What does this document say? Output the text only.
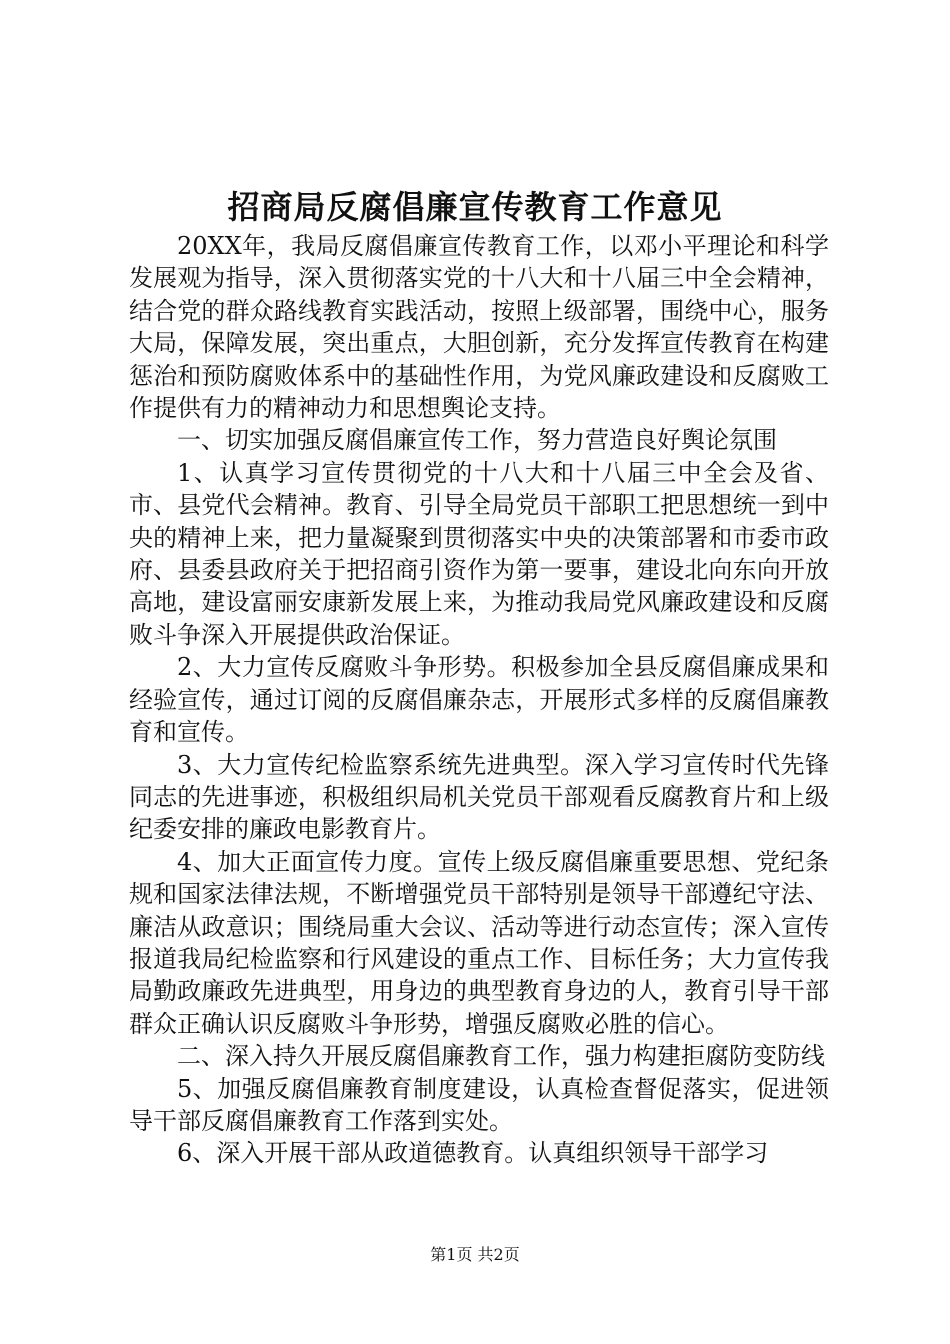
招商局反腐倡廉宣传教育工作意见

20XX年，我局反腐倡廉宣传教育工作，以邓小平理论和科学发展观为指导，深入贯彻落实党的十八大和十八届三中全会精神，结合党的群众路线教育实践活动，按照上级部署，围绕中心，服务大局，保障发展，突出重点，大胆创新，充分发挥宣传教育在构建惩治和预防腐败体系中的基础性作用，为党风廉政建设和反腐败工作提供有力的精神动力和思想舆论支持。

一、切实加强反腐倡廉宣传工作，努力营造良好舆论氛围

1、认真学习宣传贯彻党的十八大和十八届三中全会及省、市、县党代会精神。教育、引导全局党员干部职工把思想统一到中央的精神上来，把力量凝聚到贯彻落实中央的决策部署和市委市政府、县委县政府关于把招商引资作为第一要事，建设北向东向开放高地，建设富丽安康新发展上来，为推动我局党风廉政建设和反腐败斗争深入开展提供政治保证。

2、大力宣传反腐败斗争形势。积极参加全县反腐倡廉成果和经验宣传，通过订阅的反腐倡廉杂志，开展形式多样的反腐倡廉教育和宣传。

3、大力宣传纪检监察系统先进典型。深入学习宣传时代先锋同志的先进事迹，积极组织局机关党员干部观看反腐教育片和上级纪委安排的廉政电影教育片。

4、加大正面宣传力度。宣传上级反腐倡廉重要思想、党纪条规和国家法律法规，不断增强党员干部特别是领导干部遵纪守法、廉洁从政意识；围绕局重大会议、活动等进行动态宣传；深入宣传报道我局纪检监察和行风建设的重点工作、目标任务；大力宣传我局勤政廉政先进典型，用身边的典型教育身边的人，教育引导干部群众正确认识反腐败斗争形势，增强反腐败必胜的信心。

二、深入持久开展反腐倡廉教育工作，强力构建拒腐防变防线

5、加强反腐倡廉教育制度建设，认真检查督促落实，促进领导干部反腐倡廉教育工作落到实处。

6、深入开展干部从政道德教育。认真组织领导干部学习

第1页 共2页
